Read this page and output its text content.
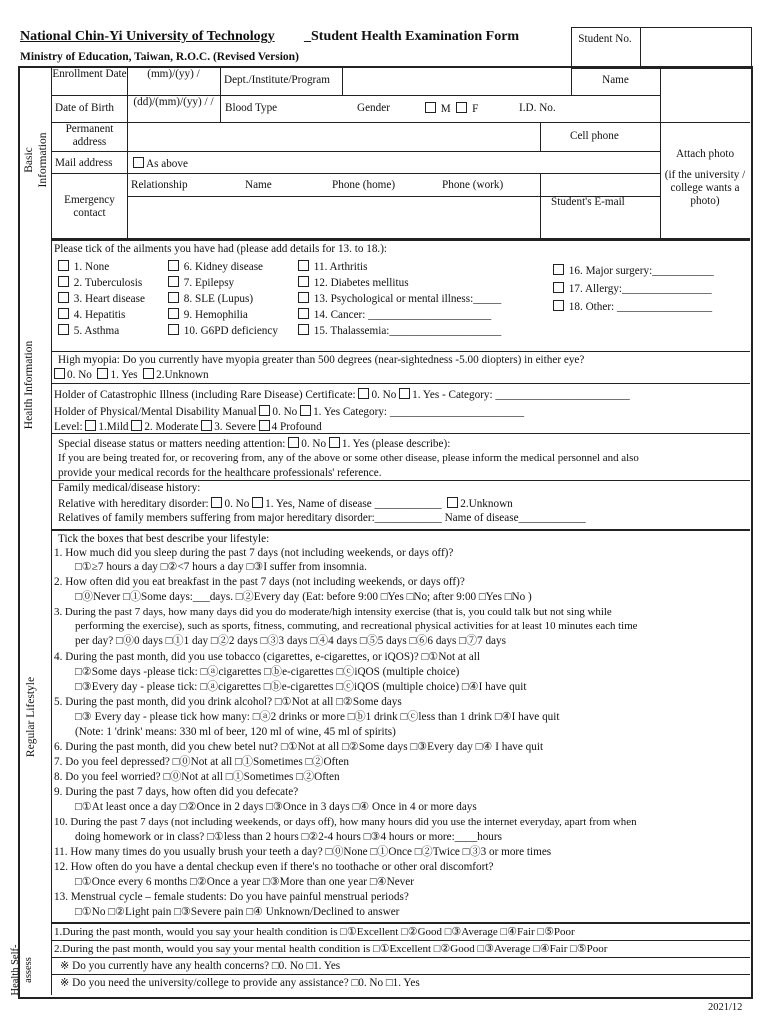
National Chin-Yi University of Technology _Student Health Examination Form
Ministry of Education, Taiwan, R.O.C. (Revised Version)
Student No.
Basic Information
Health Information
Regular Lifestyle
Health Self-assess
Enrollment Date	(mm)/(yy) /	Dept./Institute/Program	Name
Date of Birth	(dd)/(mm)/(yy) / /	Blood Type	Gender	M F	I.D. No.
Permanent address	Cell phone
Attach photo
(if the university / college wants a photo)
Mail address	As above
Emergency contact
Relationship	Name	Phone (home)	Phone (work)
Student's E-mail
Please tick of the ailments you have had (please add details for 13. to 18.):
1. None
2. Tuberculosis
3. Heart disease
4. Hepatitis
5. Asthma
6. Kidney disease
7. Epilepsy
8. SLE (Lupus)
9. Hemophilia
10. G6PD deficiency
11. Arthritis
12. Diabetes mellitus
13. Psychological or mental illness:_____
14. Cancer: ______________________
15. Thalassemia:____________________
16. Major surgery:___________
17. Allergy:________________
18. Other: _________________
High myopia: Do you currently have myopia greater than 500 degrees (near-sightedness -5.00 diopters) in either eye?
0. No 1. Yes 2.Unknown
Holder of Catastrophic Illness (including Rare Disease) Certificate: 0. No 1. Yes - Category: ________________________
Holder of Physical/Mental Disability Manual 0. No 1. Yes Category: ________________________
Level: 1.Mild 2. Moderate 3. Severe 4 Profound
Special disease status or matters needing attention: 0. No 1. Yes (please describe):
If you are being treated for, or recovering from, any of the above or some other disease, please inform the medical personnel and also
provide your medical records for the healthcare professionals' reference.
Family medical/disease history:
Relative with hereditary disorder: 0. No 1. Yes, Name of disease ____________ 2.Unknown
Relatives of family members suffering from major hereditary disorder:____________ Name of disease____________
Tick the boxes that best describe your lifestyle:
1. How much did you sleep during the past 7 days (not including weekends, or days off)?
□①≥7 hours a day □②<7 hours a day □③I suffer from insomnia.
2. How often did you eat breakfast in the past 7 days (not including weekends, or days off)?
□⓪Never □①Some days:___days. □②Every day (Eat: before 9:00 □Yes □No; after 9:00 □Yes □No )
3. During the past 7 days, how many days did you do moderate/high intensity exercise (that is, you could talk but not sing while
performing the exercise), such as sports, fitness, commuting, and recreational physical activities for at least 10 minutes each time
per day? □⓪0 days □①1 day □②2 days □③3 days □④4 days □⑤5 days □⑥6 days □⑦7 days
4. During the past month, did you use tobacco (cigarettes, e-cigarettes, or iQOS)? □①Not at all
□②Some days -please tick: □ⓐcigarettes □ⓑe-cigarettes □ⓒiQOS (multiple choice)
□③Every day - please tick: □ⓐcigarettes □ⓑe-cigarettes □ⓒiQOS (multiple choice) □④I have quit
5. During the past month, did you drink alcohol? □①Not at all □②Some days
□③ Every day - please tick how many: □ⓐ2 drinks or more □ⓑ1 drink □ⓒless than 1 drink □④I have quit
(Note: 1 'drink' means: 330 ml of beer, 120 ml of wine, 45 ml of spirits)
6. During the past month, did you chew betel nut? □①Not at all □②Some days □③Every day □④ I have quit
7. Do you feel depressed? □⓪Not at all □①Sometimes □②Often
8. Do you feel worried? □⓪Not at all □①Sometimes □②Often
9. During the past 7 days, how often did you defecate?
□①At least once a day □②Once in 2 days □③Once in 3 days □④ Once in 4 or more days
10. During the past 7 days (not including weekends, or days off), how many hours did you use the internet everyday, apart from when
doing homework or in class? □①less than 2 hours □②2-4 hours □③4 hours or more:____hours
11. How many times do you usually brush your teeth a day? □⓪None □①Once □②Twice □③3 or more times
12. How often do you have a dental checkup even if there's no toothache or other oral discomfort?
□①Once every 6 months □②Once a year □③More than one year □④Never
13. Menstrual cycle – female students: Do you have painful menstrual periods?
□①No □②Light pain □③Severe pain □④ Unknown/Declined to answer
1.During the past month, would you say your health condition is □①Excellent □②Good □③Average □④Fair □⑤Poor
2.During the past month, would you say your mental health condition is □①Excellent □②Good □③Average □④Fair □⑤Poor
※ Do you currently have any health concerns? □0. No □1. Yes
※ Do you need the university/college to provide any assistance? □0. No □1. Yes
2021/12
